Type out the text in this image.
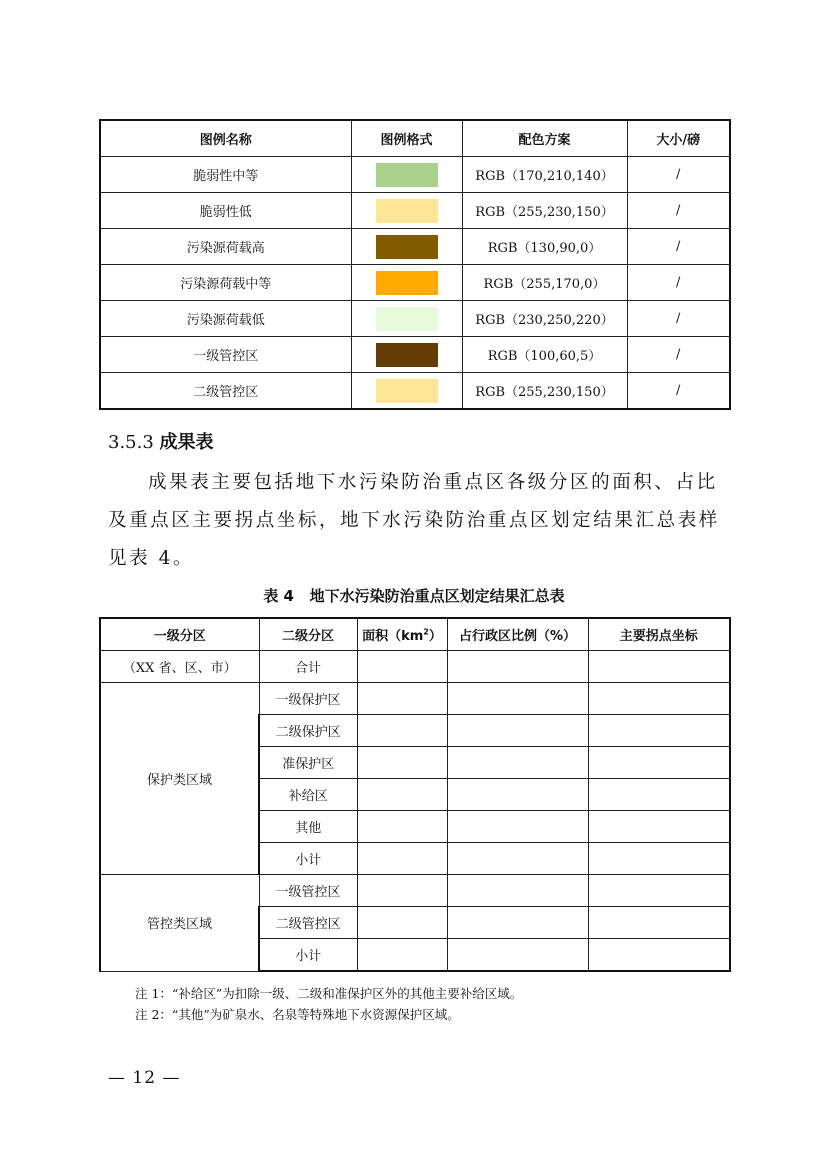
图例名称	图例格式	配色方案	大小/磅
脆弱性中等		RGB（170,210,140）	/
脆弱性低		RGB（255,230,150）	/
污染源荷载高		RGB（130,90,0）	/
污染源荷载中等		RGB（255,170,0）	/
污染源荷载低		RGB（230,250,220）	/
一级管控区		RGB（100,60,5）	/
二级管控区		RGB（255,230,150）	/
3.5.3 成果表

成果表主要包括地下水污染防治重点区各级分区的面积、占比及重点区主要拐点坐标，地下水污染防治重点区划定结果汇总表样见表 4。

表 4 地下水污染防治重点区划定结果汇总表
一级分区	二级分区	面积$(km^2)$	占行政区比例（%）	主要拐点坐标
（XX 省、区、市）	合计			
保护类区域	一级保护区			
	二级保护区			
	准保护区			
	补给区			
	其他			
	小计			
管控类区域	一级管控区			
	二级管控区			
	小计			
注 1：“补给区”为扣除一级、二级和准保护区外的其他主要补给区域。
注 2：“其他”为矿泉水、名泉等特殊地下水资源保护区域。
— 12 —
